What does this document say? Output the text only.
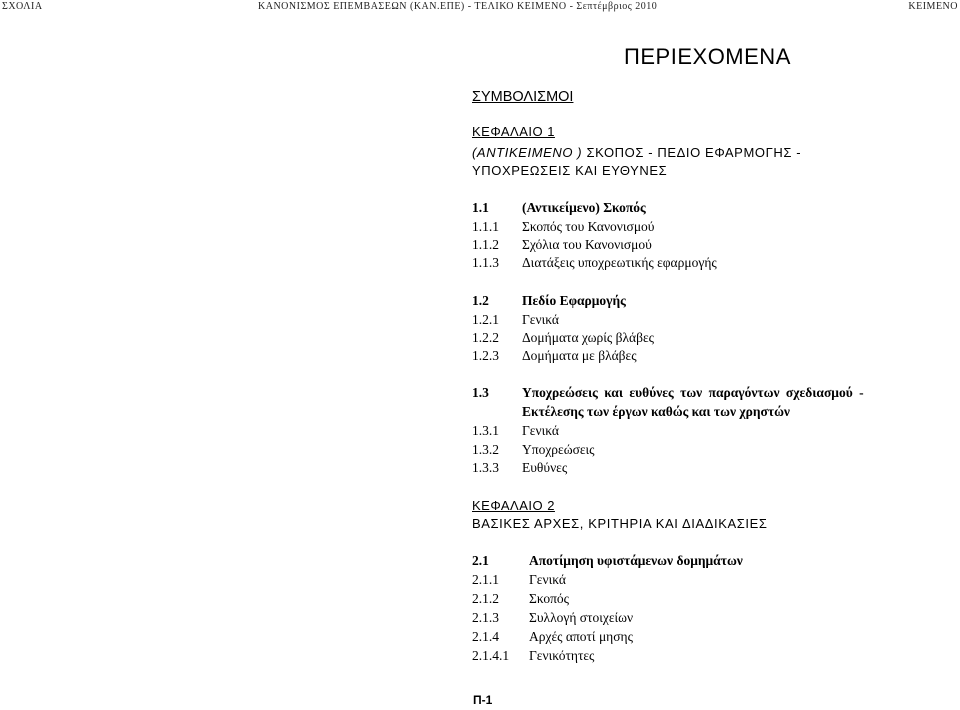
ΣΧΟΛΙΑ	ΚΑΝΟΝΙΣΜΟΣ ΕΠΕΜΒΑΣΕΩΝ (ΚΑΝ.ΕΠΕ) - ΤΕΛΙΚΟ ΚΕΙΜΕΝΟ - Σεπτέμβριος 2010	ΚΕΙΜΕΝΟ
ΠΕΡΙΕΧΟΜΕΝΑ
ΣΥΜΒΟΛΙΣΜΟΙ
ΚΕΦΑΛΑΙΟ 1
(ΑΝΤΙΚΕΙΜΕΝΟ ) ΣΚΟΠΟΣ - ΠΕΔΙΟ ΕΦΑΡΜΟΓΗΣ -
ΥΠΟΧΡΕΩΣΕΙΣ ΚΑΙ ΕΥΘΥΝΕΣ
1.1 (Αντικείμενο) Σκοπός
1.1.1 Σκοπός του Κανονισμού
1.1.2 Σχόλια του Κανονισμού
1.1.3 Διατάξεις υποχρεωτικής εφαρμογής
1.2 Πεδίο Εφαρμογής
1.2.1 Γενικά
1.2.2 Δομήματα χωρίς βλάβες
1.2.3 Δομήματα με βλάβες
1.3 Υποχρεώσεις και ευθύνες των παραγόντων σχεδιασμού -
Εκτέλεσης των έργων καθώς και των χρηστών
1.3.1 Γενικά
1.3.2 Υποχρεώσεις
1.3.3 Ευθύνες
ΚΕΦΑΛΑΙΟ 2
ΒΑΣΙΚΕΣ ΑΡΧΕΣ, ΚΡΙΤΗΡΙΑ ΚΑΙ ΔΙΑΔΙΚΑΣΙΕΣ
2.1	Αποτίμηση υφιστάμενων δομημάτων
2.1.1 Γενικά
2.1.2 Σκοπός
2.1.3 Συλλογή στοιχείων
2.1.4 Αρχές αποτί μησης
2.1.4.1 Γενικότητες
Π-1
